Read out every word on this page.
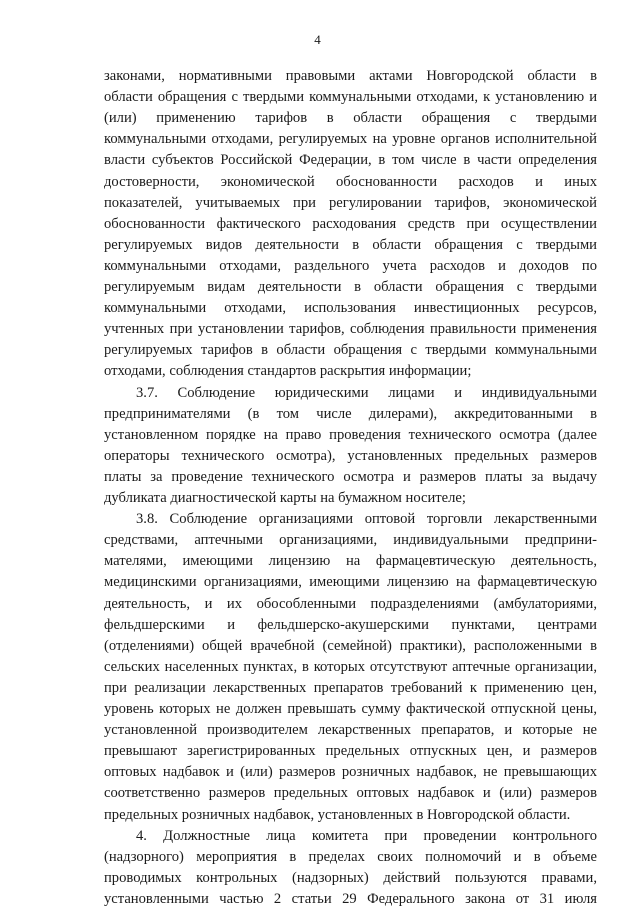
4
законами, нормативными правовыми актами Новгородской области в
области обращения с твердыми коммунальными отходами, к установлению и
(или) применению тарифов в области обращения с твердыми
коммунальными отходами, регулируемых на уровне органов исполнительной
власти субъектов Российской Федерации, в том числе в части определения
достоверности, экономической обоснованности расходов и иных
показателей, учитываемых при регулировании тарифов, экономической
обоснованности фактического расходования средств при осуществлении
регулируемых видов деятельности в области обращения с твердыми
коммунальными отходами, раздельного учета расходов и доходов по
регулируемым видам деятельности в области обращения с твердыми
коммунальными отходами, использования инвестиционных ресурсов,
учтенных при установлении тарифов, соблюдения правильности применения
регулируемых тарифов в области обращения с твердыми коммунальными
отходами, соблюдения стандартов раскрытия информации;
3.7. Соблюдение юридическими лицами и индивидуальными
предпринимателями (в том числе дилерами), аккредитованными в
установленном порядке на право проведения технического осмотра (далее
операторы технического осмотра), установленных предельных размеров
платы за проведение технического осмотра и размеров платы за выдачу
дубликата диагностической карты на бумажном носителе;
3.8. Соблюдение организациями оптовой торговли лекарственными
средствами, аптечными организациями, индивидуальными предприни-
мателями, имеющими лицензию на фармацевтическую деятельность,
медицинскими организациями, имеющими лицензию на фармацевтическую
деятельность, и их обособленными подразделениями (амбулаториями,
фельдшерскими и фельдшерско-акушерскими пунктами, центрами
(отделениями) общей врачебной (семейной) практики), расположенными в
сельских населенных пунктах, в которых отсутствуют аптечные организации,
при реализации лекарственных препаратов требований к применению цен,
уровень которых не должен превышать сумму фактической отпускной цены,
установленной производителем лекарственных препаратов, и которые не
превышают зарегистрированных предельных отпускных цен, и размеров
оптовых надбавок и (или) размеров розничных надбавок, не превышающих
соответственно размеров предельных оптовых надбавок и (или) размеров
предельных розничных надбавок, установленных в Новгородской области.
4. Должностные лица комитета при проведении контрольного
(надзорного) мероприятия в пределах своих полномочий и в объеме
проводимых контрольных (надзорных) действий пользуются правами,
установленными частью 2 статьи 29 Федерального закона от 31 июля
